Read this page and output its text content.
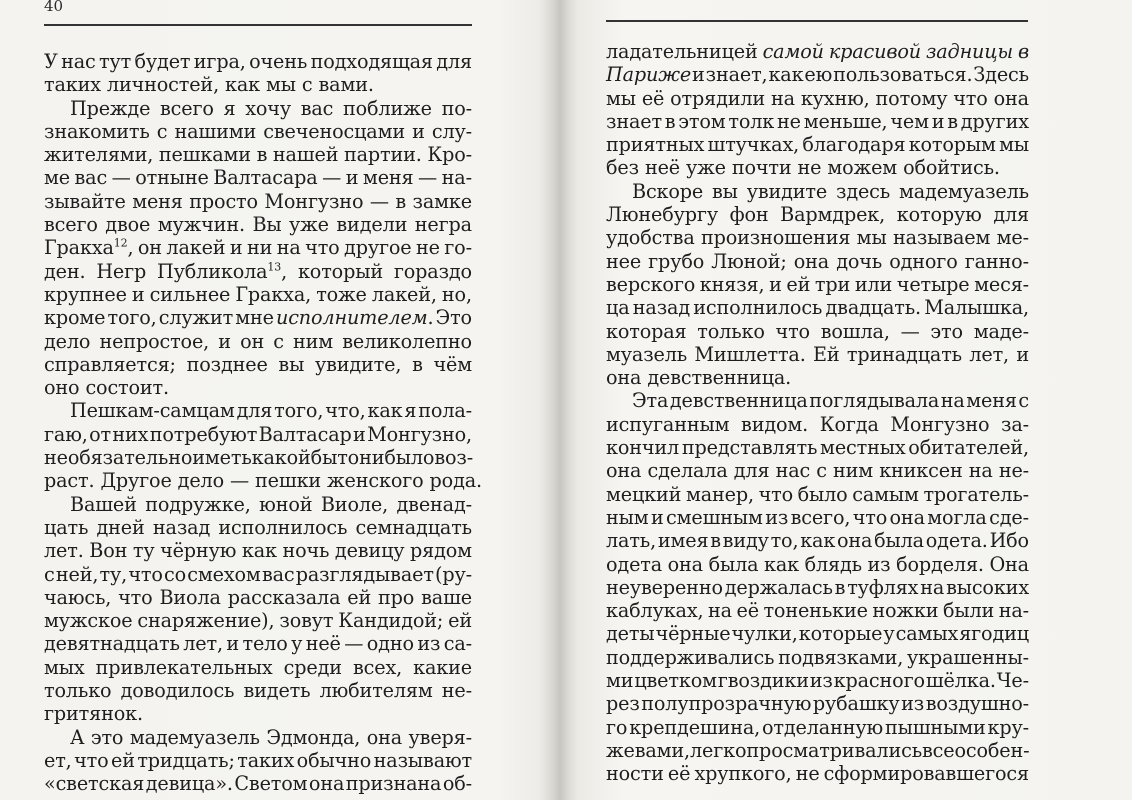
40
У нас тут будет игра, очень подходящая для
таких личностей, как мы с вами.
Прежде всего я хочу вас поближе по-
знакомить с нашими свеченосцами и слу-
жителями, пешками в нашей партии. Кро-
ме вас — отныне Валтасара — и меня — на-
зывайте меня просто Монгузно — в замке
всего двое мужчин. Вы уже видели негра
Гракха$^{12}$, он лакей и ни на что другое не го-
ден. Негр Публикола$^{13}$, который гораздо
крупнее и сильнее Гракха, тоже лакей, но,
кроме того, служит мне исполнителем. Это
дело непростое, и он с ним великолепно
справляется; позднее вы увидите, в чём
оно состоит.
Пешкам-самцам для того, что, как я пола-
гаю, от них потребуют Валтасар и Монгузно,
не обязательно иметь какой бы то ни было воз-
раст. Другое дело — пешки женского рода.
Вашей подружке, юной Виоле, двенад-
цать дней назад исполнилось семнадцать
лет. Вон ту чёрную как ночь девицу рядом
с ней, ту, что со смехом вас разглядывает (ру-
чаюсь, что Виола рассказала ей про ваше
мужское снаряжение), зовут Кандидой; ей
девятнадцать лет, и тело у неё — одно из са-
мых привлекательных среди всех, какие
только доводилось видеть любителям не-
гритянок.
А это мадемуазель Эдмонда, она уверя-
ет, что ей тридцать; таких обычно называют
«светская девица». Светом она признана об-
ладательницей самой красивой задницы в
Париже и знает, как ею пользоваться. Здесь
мы её отрядили на кухню, потому что она
знает в этом толк не меньше, чем и в других
приятных штучках, благодаря которым мы
без неё уже почти не можем обойтись.
Вскоре вы увидите здесь мадемуазель
Люнебургу фон Вармдрек, которую для
удобства произношения мы называем ме-
нее грубо Люной; она дочь одного ганно-
верского князя, и ей три или четыре меся-
ца назад исполнилось двадцать. Малышка,
которая только что вошла, — это маде-
муазель Мишлетта. Ей тринадцать лет, и
она девственница.
Эта девственница поглядывала на меня с
испуганным видом. Когда Монгузно за-
кончил представлять местных обитателей,
она сделала для нас с ним книксен на не-
мецкий манер, что было самым трогатель-
ным и смешным из всего, что она могла сде-
лать, имея в виду то, как она была одета. Ибо
одета она была как блядь из борделя. Она
неуверенно держалась в туфлях на высоких
каблуках, на её тоненькие ножки были на-
деты чёрные чулки, которые у самых ягодиц
поддерживались подвязками, украшенны-
ми цветком гвоздики из красного шёлка. Че-
рез полупрозрачную рубашку из воздушно-
го крепдешина, отделанную пышными кру-
жевами, легко просматривались все особен-
ности её хрупкого, не сформировавшегося
